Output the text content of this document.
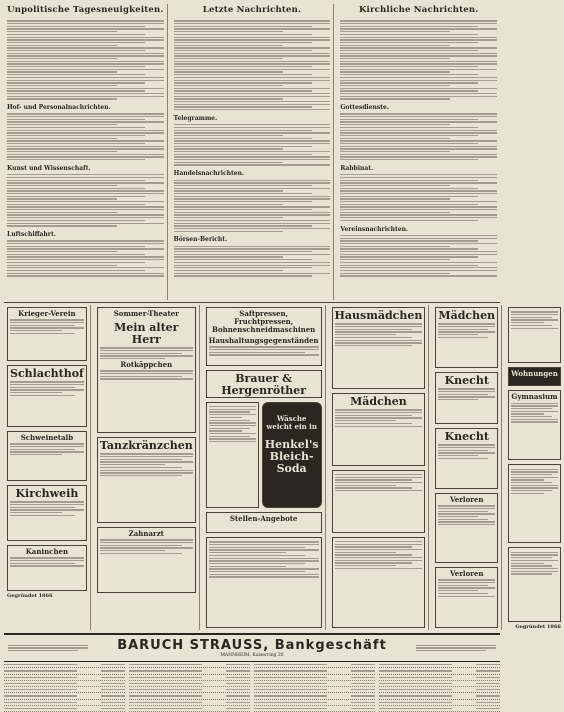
Unpolitische Tagesneuigkeiten.
Hof- und Personalnachrichten.
Kunst und Wissenschaft.
Luftschiffahrt.
Letzte Nachrichten.
Telegramme.
Handelsnachrichten.
Börsen-Bericht.
Kirchliche Nachrichten.
Gottesdienste.
Rabbinat.
Vereinsnachrichten.
Krieger-Verein
Schlachthof
Schweinetalb
Kirchweih
Kaninchen
Gegründet 1866
Sommer-Theater
Mein alter Herr
Rotkäppchen
Tanzkränzchen
Zahnarzt
Saftpressen, Fruchtpressen, Bohnenschneidmaschinen
Haushaltungsgegenständen
Brauer & Hergenröther
Wäsche weicht ein in
Henkel's Bleich-Soda
Stellen-Angebote
Hausmädchen
Mädchen
Mädchen
Knecht
Knecht
Verloren
Verloren
Wohnungen
Gymnasium
Gegründet 1866
BARUCH STRAUSS, Bankgeschäft
MANNHEIM, Kaiserring 20
